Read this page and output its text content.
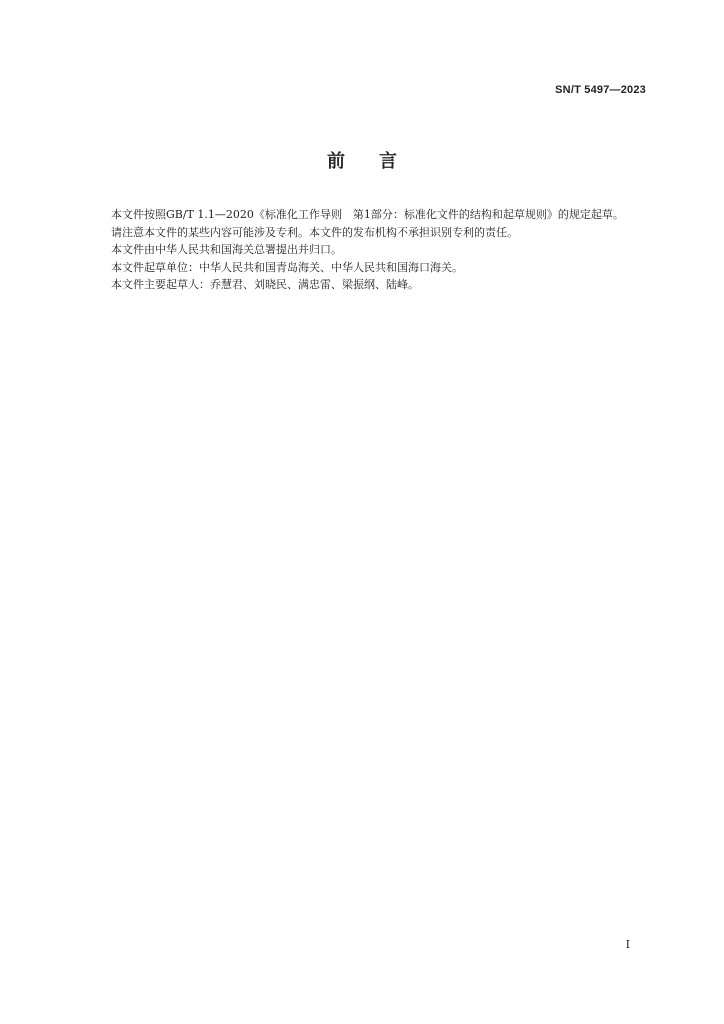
SN/T 5497—2023
前 言

本文件按照GB/T 1.1—2020《标准化工作导则　第1部分：标准化文件的结构和起草规则》的规定起草。

请注意本文件的某些内容可能涉及专利。本文件的发布机构不承担识别专利的责任。

本文件由中华人民共和国海关总署提出并归口。

本文件起草单位：中华人民共和国青岛海关、中华人民共和国海口海关。

本文件主要起草人：乔慧君、刘晓民、满忠雷、梁振纲、陆峰。

I
